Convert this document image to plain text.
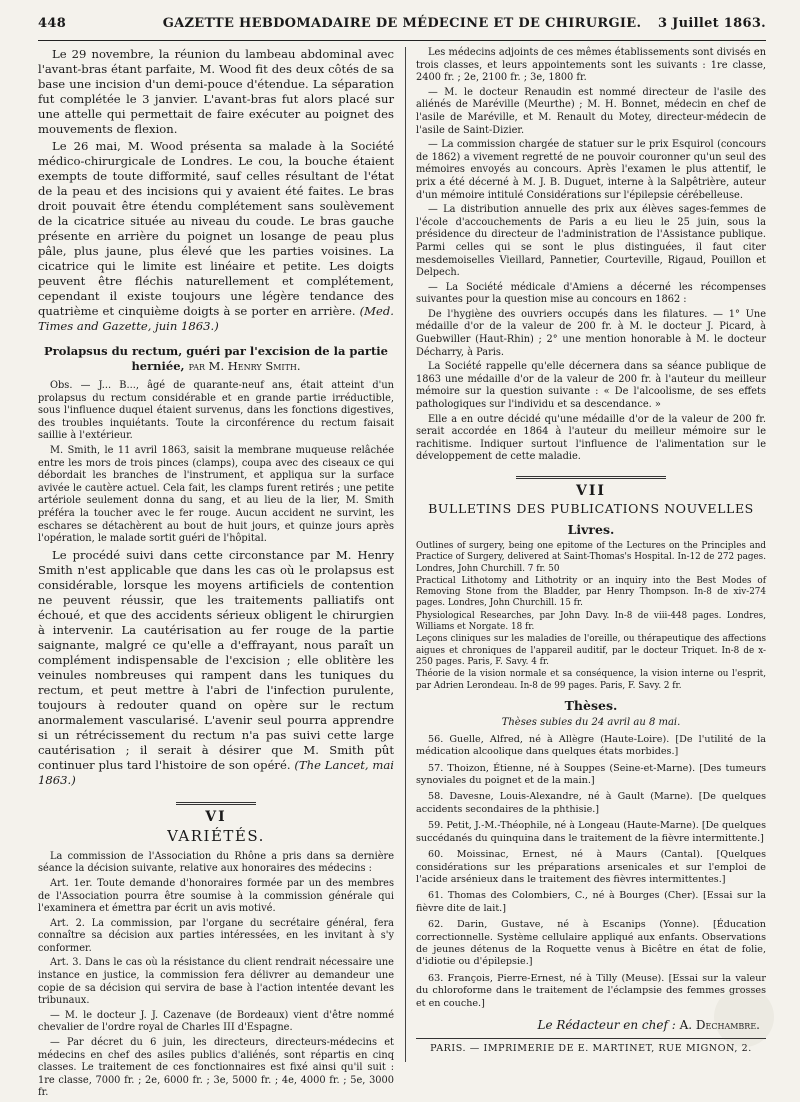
448	GAZETTE HEBDOMADAIRE DE MÉDECINE ET DE CHIRURGIE.	3 Juillet 1863.

Le 29 novembre, la réunion du lambeau abdominal avec l'avant-bras étant parfaite, M. Wood fit des deux côtés de sa base une incision d'un demi-pouce d'étendue. La séparation fut complétée le 3 janvier. L'avant-bras fut alors placé sur une attelle qui permettait de faire exécuter au poignet des mouvements de flexion.

Le 26 mai, M. Wood présenta sa malade à la Société médico-chirurgicale de Londres. Le cou, la bouche étaient exempts de toute difformité, sauf celles résultant de l'état de la peau et des incisions qui y avaient été faites. Le bras droit pouvait être étendu complétement sans soulèvement de la cicatrice située au niveau du coude. Le bras gauche présente en arrière du poignet un losange de peau plus pâle, plus jaune, plus élevé que les parties voisines. La cicatrice qui le limite est linéaire et petite. Les doigts peuvent être fléchis naturellement et complétement, cependant il existe toujours une légère tendance des quatrième et cinquième doigts à se porter en arrière. (Med. Times and Gazette, juin 1863.)

Prolapsus du rectum, guéri par l'excision de la partie herniée, par M. Henry Smith.

Obs. — J... B..., âgé de quarante-neuf ans, était atteint d'un prolapsus du rectum considérable et en grande partie irréductible, sous l'influence duquel étaient survenus, dans les fonctions digestives, des troubles inquiétants. Toute la circonférence du rectum faisait saillie à l'extérieur.

M. Smith, le 11 avril 1863, saisit la membrane muqueuse relâchée entre les mors de trois pinces (clamps), coupa avec des ciseaux ce qui débordait les branches de l'instrument, et appliqua sur la surface avivée le cautère actuel. Cela fait, les clamps furent retirés ; une petite artériole seulement donna du sang, et au lieu de la lier, M. Smith préféra la toucher avec le fer rouge. Aucun accident ne survint, les eschares se détachèrent au bout de huit jours, et quinze jours après l'opération, le malade sortit guéri de l'hôpital.

Le procédé suivi dans cette circonstance par M. Henry Smith n'est applicable que dans les cas où le prolapsus est considérable, lorsque les moyens artificiels de contention ne peuvent réussir, que les traitements palliatifs ont échoué, et que des accidents sérieux obligent le chirurgien à intervenir. La cautérisation au fer rouge de la partie saignante, malgré ce qu'elle a d'effrayant, nous paraît un complément indispensable de l'excision ; elle oblitère les veinules nombreuses qui rampent dans les tuniques du rectum, et peut mettre à l'abri de l'infection purulente, toujours à redouter quand on opère sur le rectum anormalement vascularisé. L'avenir seul pourra apprendre si un rétrécissement du rectum n'a pas suivi cette large cautérisation ; il serait à désirer que M. Smith pût continuer plus tard l'histoire de son opéré. (The Lancet, mai 1863.)

VI
VARIÉTÉS.

La commission de l'Association du Rhône a pris dans sa dernière séance la décision suivante, relative aux honoraires des médecins :

Art. 1er. Toute demande d'honoraires formée par un des membres de l'Association pourra être soumise à la commission générale qui l'examinera et émettra par écrit un avis motivé.

Art. 2. La commission, par l'organe du secrétaire général, fera connaître sa décision aux parties intéressées, en les invitant à s'y conformer.

Art. 3. Dans le cas où la résistance du client rendrait nécessaire une instance en justice, la commission fera délivrer au demandeur une copie de sa décision qui servira de base à l'action intentée devant les tribunaux.

— M. le docteur J. J. Cazenave (de Bordeaux) vient d'être nommé chevalier de l'ordre royal de Charles III d'Espagne.

— Par décret du 6 juin, les directeurs, directeurs-médecins et médecins en chef des asiles publics d'aliénés, sont répartis en cinq classes. Le traitement de ces fonctionnaires est fixé ainsi qu'il suit : 1re classe, 7000 fr. ; 2e, 6000 fr. ; 3e, 5000 fr. ; 4e, 4000 fr. ; 5e, 3000 fr.

Les médecins adjoints de ces mêmes établissements sont divisés en trois classes, et leurs appointements sont les suivants : 1re classe, 2400 fr. ; 2e, 2100 fr. ; 3e, 1800 fr.

— M. le docteur Renaudin est nommé directeur de l'asile des aliénés de Maréville (Meurthe) ; M. H. Bonnet, médecin en chef de l'asile de Maréville, et M. Renault du Motey, directeur-médecin de l'asile de Saint-Dizier.

— La commission chargée de statuer sur le prix Esquirol (concours de 1862) a vivement regretté de ne pouvoir couronner qu'un seul des mémoires envoyés au concours. Après l'examen le plus attentif, le prix a été décerné à M. J. B. Duguet, interne à la Salpêtrière, auteur d'un mémoire intitulé Considérations sur l'épilepsie cérébelleuse.

— La distribution annuelle des prix aux élèves sages-femmes de l'école d'accouchements de Paris a eu lieu le 25 juin, sous la présidence du directeur de l'administration de l'Assistance publique. Parmi celles qui se sont le plus distinguées, il faut citer mesdemoiselles Vieillard, Pannetier, Courteville, Rigaud, Pouillon et Delpech.

— La Société médicale d'Amiens a décerné les récompenses suivantes pour la question mise au concours en 1862 :

De l'hygiène des ouvriers occupés dans les filatures. — 1° Une médaille d'or de la valeur de 200 fr. à M. le docteur J. Picard, à Guebwiller (Haut-Rhin) ; 2° une mention honorable à M. le docteur Décharry, à Paris.

La Société rappelle qu'elle décernera dans sa séance publique de 1863 une médaille d'or de la valeur de 200 fr. à l'auteur du meilleur mémoire sur la question suivante : « De l'alcoolisme, de ses effets pathologiques sur l'individu et sa descendance. »

Elle a en outre décidé qu'une médaille d'or de la valeur de 200 fr. serait accordée en 1864 à l'auteur du meilleur mémoire sur le rachitisme. Indiquer surtout l'influence de l'alimentation sur le développement de cette maladie.

VII
BULLETINS DES PUBLICATIONS NOUVELLES
Livres.

Outlines of surgery, being one epitome of the Lectures on the Principles and Practice of Surgery, delivered at Saint-Thomas's Hospital. In-12 de 272 pages. Londres, John Churchill. 7 fr. 50

Practical Lithotomy and Lithotrity or an inquiry into the Best Modes of Removing Stone from the Bladder, par Henry Thompson. In-8 de xiv-274 pages. Londres, John Churchill. 15 fr.

Physiological Researches, par John Davy. In-8 de viii-448 pages. Londres, Williams et Norgate. 18 fr.

Leçons cliniques sur les maladies de l'oreille, ou thérapeutique des affections aigues et chroniques de l'appareil auditif, par le docteur Triquet. In-8 de x-250 pages. Paris, F. Savy. 4 fr.

Théorie de la vision normale et sa conséquence, la vision interne ou l'esprit, par Adrien Lerondeau. In-8 de 99 pages. Paris, F. Savy. 2 fr.

Thèses.
Thèses subies du 24 avril au 8 mai.

56. Guelle, Alfred, né à Allègre (Haute-Loire). [De l'utilité de la médication alcoolique dans quelques états morbides.]

57. Thoizon, Étienne, né à Souppes (Seine-et-Marne). [Des tumeurs synoviales du poignet et de la main.]

58. Davesne, Louis-Alexandre, né à Gault (Marne). [De quelques accidents secondaires de la phthisie.]

59. Petit, J.-M.-Théophile, né à Longeau (Haute-Marne). [De quelques succédanés du quinquina dans le traitement de la fièvre intermittente.]

60. Moissinac, Ernest, né à Maurs (Cantal). [Quelques considérations sur les préparations arsenicales et sur l'emploi de l'acide arsénieux dans le traitement des fièvres intermittentes.]

61. Thomas des Colombiers, C., né à Bourges (Cher). [Essai sur la fièvre dite de lait.]

62. Darin, Gustave, né à Escanips (Yonne). [Éducation correctionnelle. Système cellulaire appliqué aux enfants. Observations de jeunes détenus de la Roquette venus à Bicêtre en état de folie, d'idiotie ou d'épilepsie.]

63. François, Pierre-Ernest, né à Tilly (Meuse). [Essai sur la valeur du chloroforme dans le traitement de l'éclampsie des femmes grosses et en couche.]

Le Rédacteur en chef : A. Dechambre.
PARIS. — IMPRIMERIE DE E. MARTINET, RUE MIGNON, 2.
